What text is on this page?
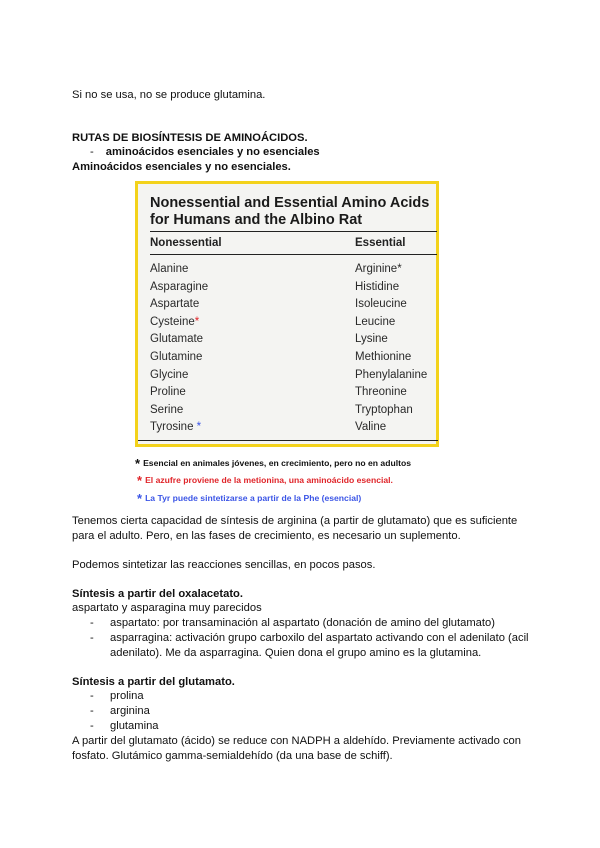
Si no se usa, no se produce glutamina.
RUTAS DE BIOSÍNTESIS DE AMINOÁCIDOS.
- aminoácidos esenciales y no esenciales
Aminoácidos esenciales y no esenciales.
Nonessential and Essential Amino Acids
for Humans and the Albino Rat
Nonessential	Essential
Alanine
Asparagine
Aspartate
Cysteine*
Glutamate
Glutamine
Glycine
Proline
Serine
Tyrosine *
Arginine*
Histidine
Isoleucine
Leucine
Lysine
Methionine
Phenylalanine
Threonine
Tryptophan
Valine
* Esencial en animales jóvenes, en crecimiento, pero no en adultos
* El azufre proviene de la metionina, una aminoácido esencial.
* La Tyr puede sintetizarse a partir de la Phe (esencial)
Tenemos cierta capacidad de síntesis de arginina (a partir de glutamato) que es suficiente para el adulto. Pero, en las fases de crecimiento, es necesario un suplemento.
Podemos sintetizar las reacciones sencillas, en pocos pasos.
Síntesis a partir del oxalacetato.
aspartato y asparagina muy parecidos
- aspartato: por transaminación al aspartato (donación de amino del glutamato)
- asparragina: activación grupo carboxilo del aspartato activando con el adenilato (acil adenilato). Me da asparragina. Quien dona el grupo amino es la glutamina.
Síntesis a partir del glutamato.
- prolina
- arginina
- glutamina
A partir del glutamato (ácido) se reduce con NADPH a aldehído. Previamente activado con fosfato. Glutámico gamma-semialdehído (da una base de schiff).
